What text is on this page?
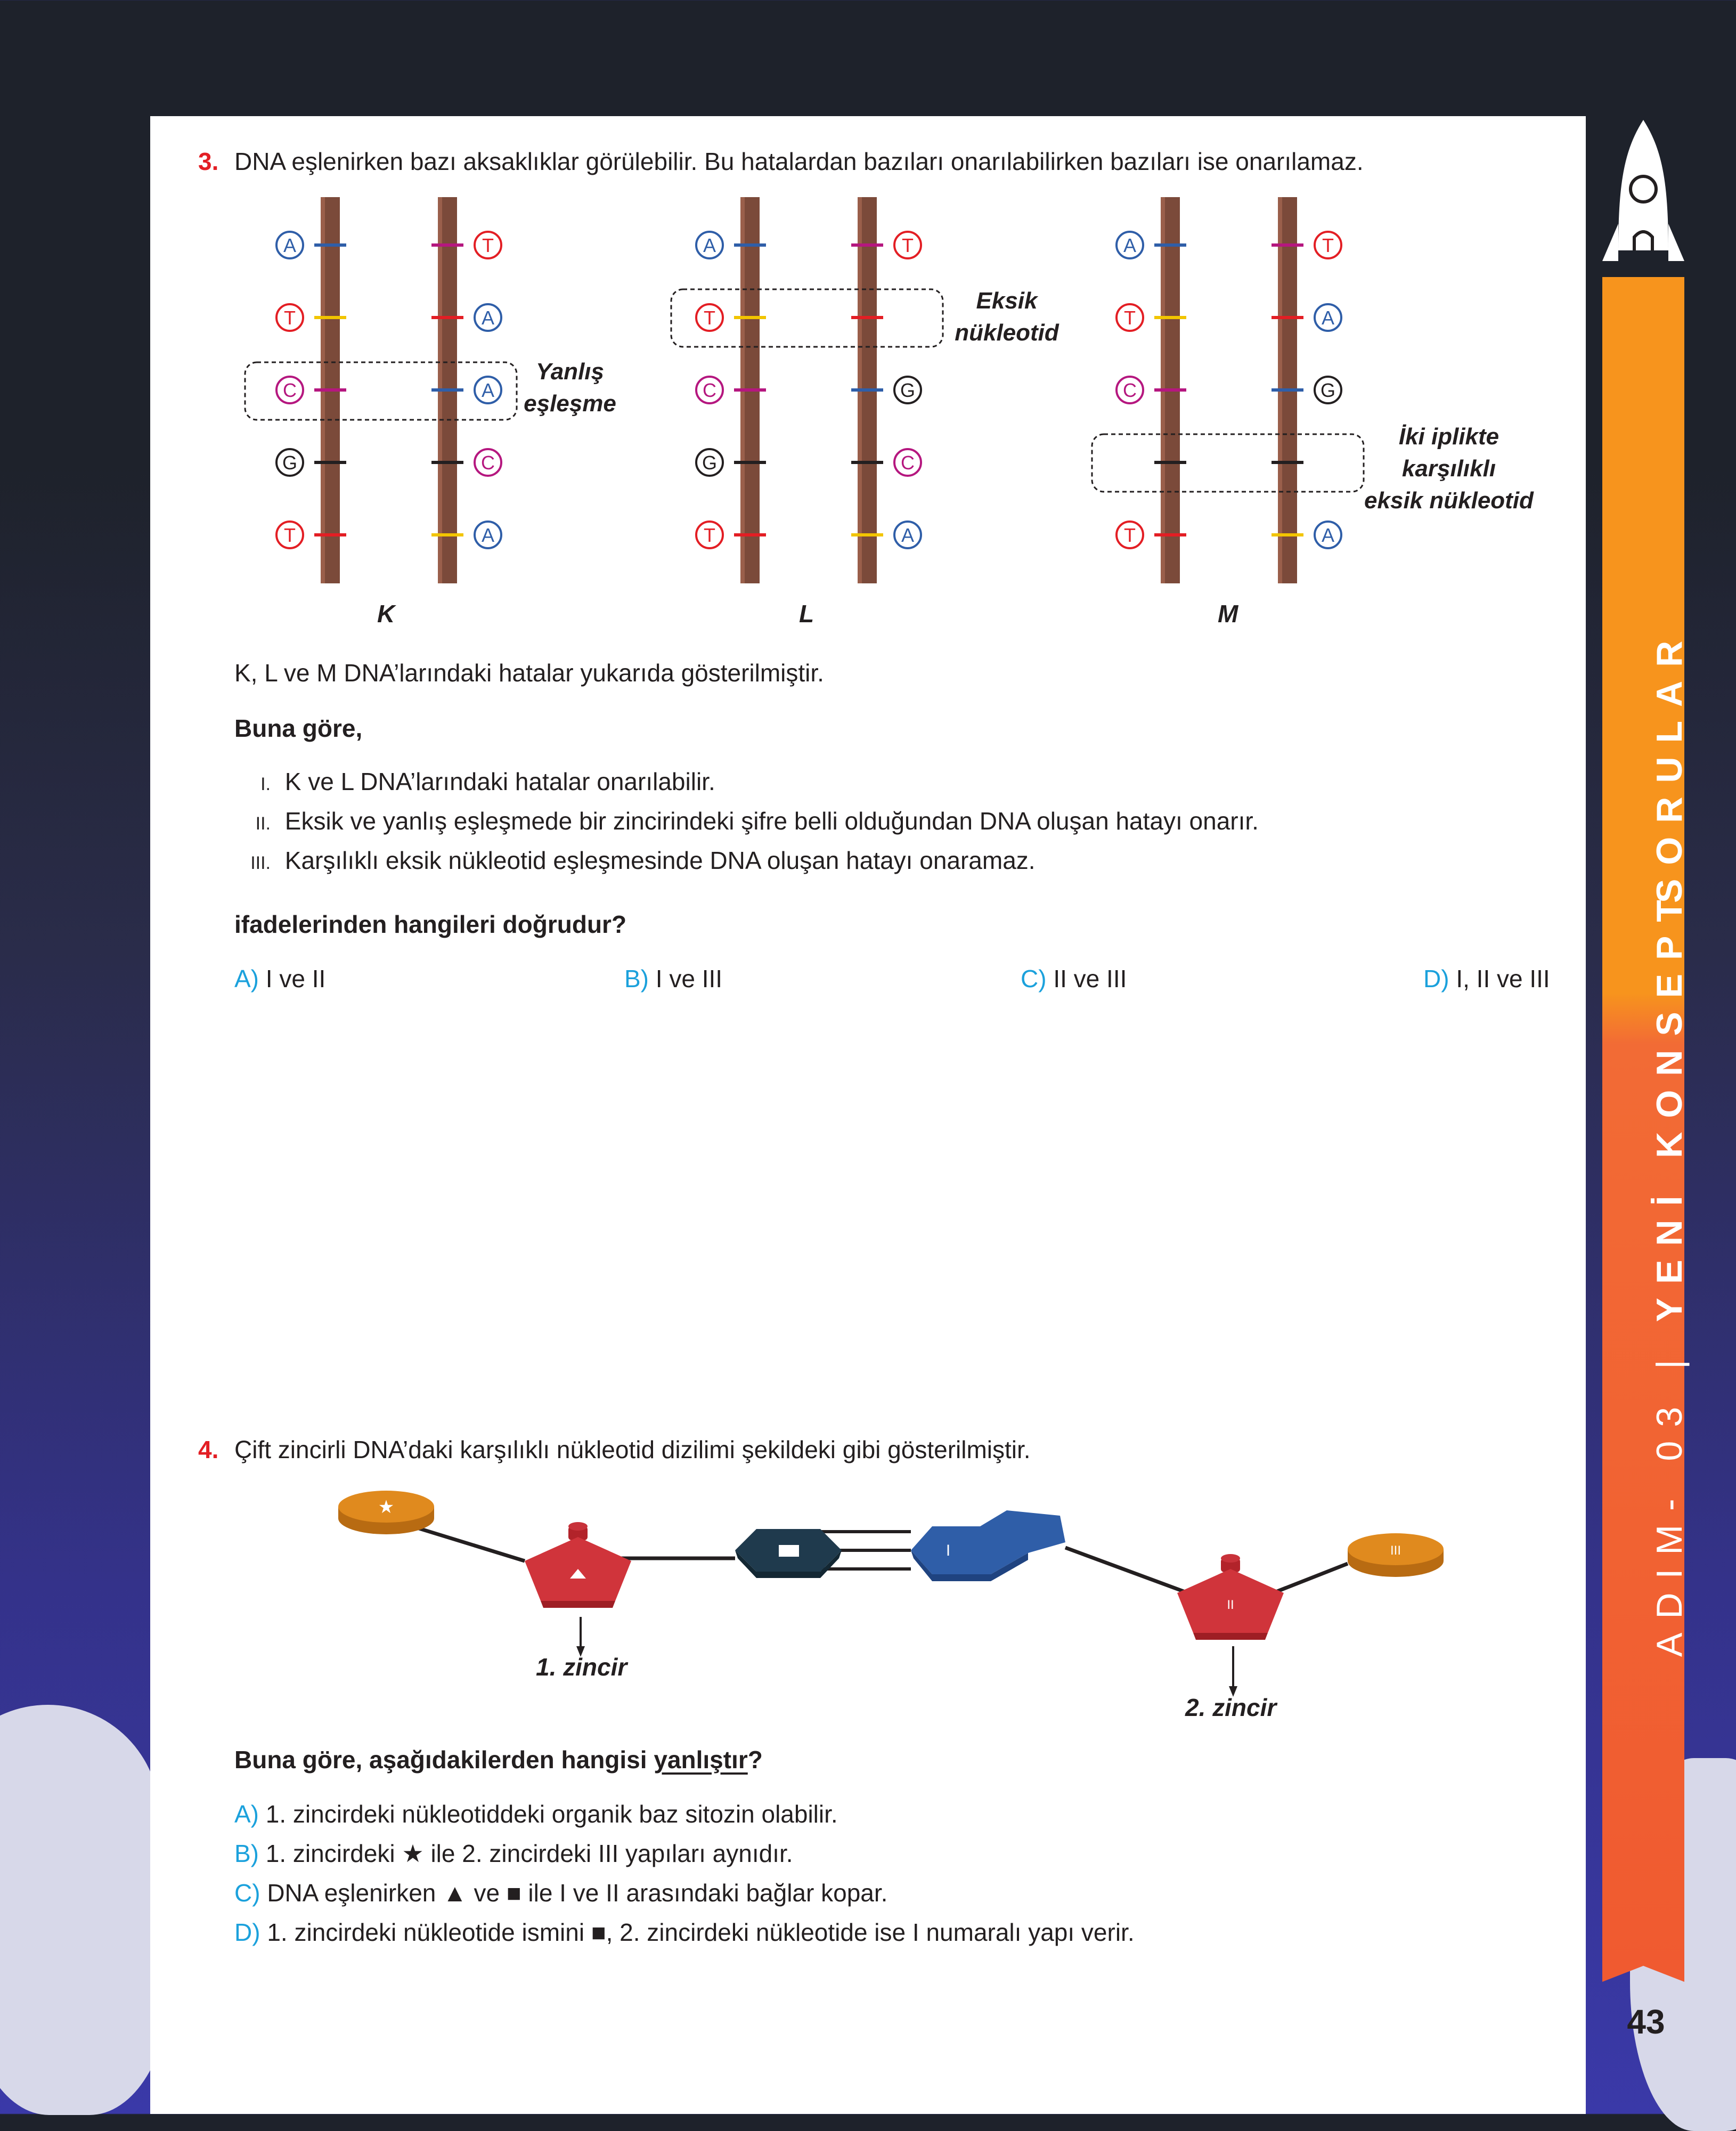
ADIM- 03 | YENİ KONSEPT
SORULAR
43
3. DNA eşlenirken bazı aksaklıklar görülebilir. Bu hatalardan bazıları onarılabilirken bazıları ise onarılamaz.
A	T
T	A
C	A
G	C
T	A
A	T
T
C	G
G	C
T	A
A	T
T	A
C	G
T	A
K	L	M
Yanlış
eşleşme
Eksik
nükleotid
İki iplikte
karşılıklı
eksik nükleotid
K, L ve M DNA’larındaki hatalar yukarıda gösterilmiştir.
Buna göre,
I. K ve L DNA’larındaki hatalar onarılabilir.
II. Eksik ve yanlış eşleşmede bir zincirindeki şifre belli olduğundan DNA oluşan hatayı onarır.
III. Karşılıklı eksik nükleotid eşleşmesinde DNA oluşan hatayı onaramaz.
ifadelerinden hangileri doğrudur?
A) I ve II	B) I ve III	C) II ve III	D) I, II ve III
4. Çift zincirli DNA’daki karşılıklı nükleotid dizilimi şekildeki gibi gösterilmiştir.
★
I
II
III
1. zincir
2. zincir
Buna göre, aşağıdakilerden hangisi yanlıştır?
A) 1. zincirdeki nükleotiddeki organik baz sitozin olabilir.
B) 1. zincirdeki ★ ile 2. zincirdeki III yapıları aynıdır.
C) DNA eşlenirken ▲ ve ■ ile I ve II arasındaki bağlar kopar.
D) 1. zincirdeki nükleotide ismini ■, 2. zincirdeki nükleotide ise I numaralı yapı verir.
